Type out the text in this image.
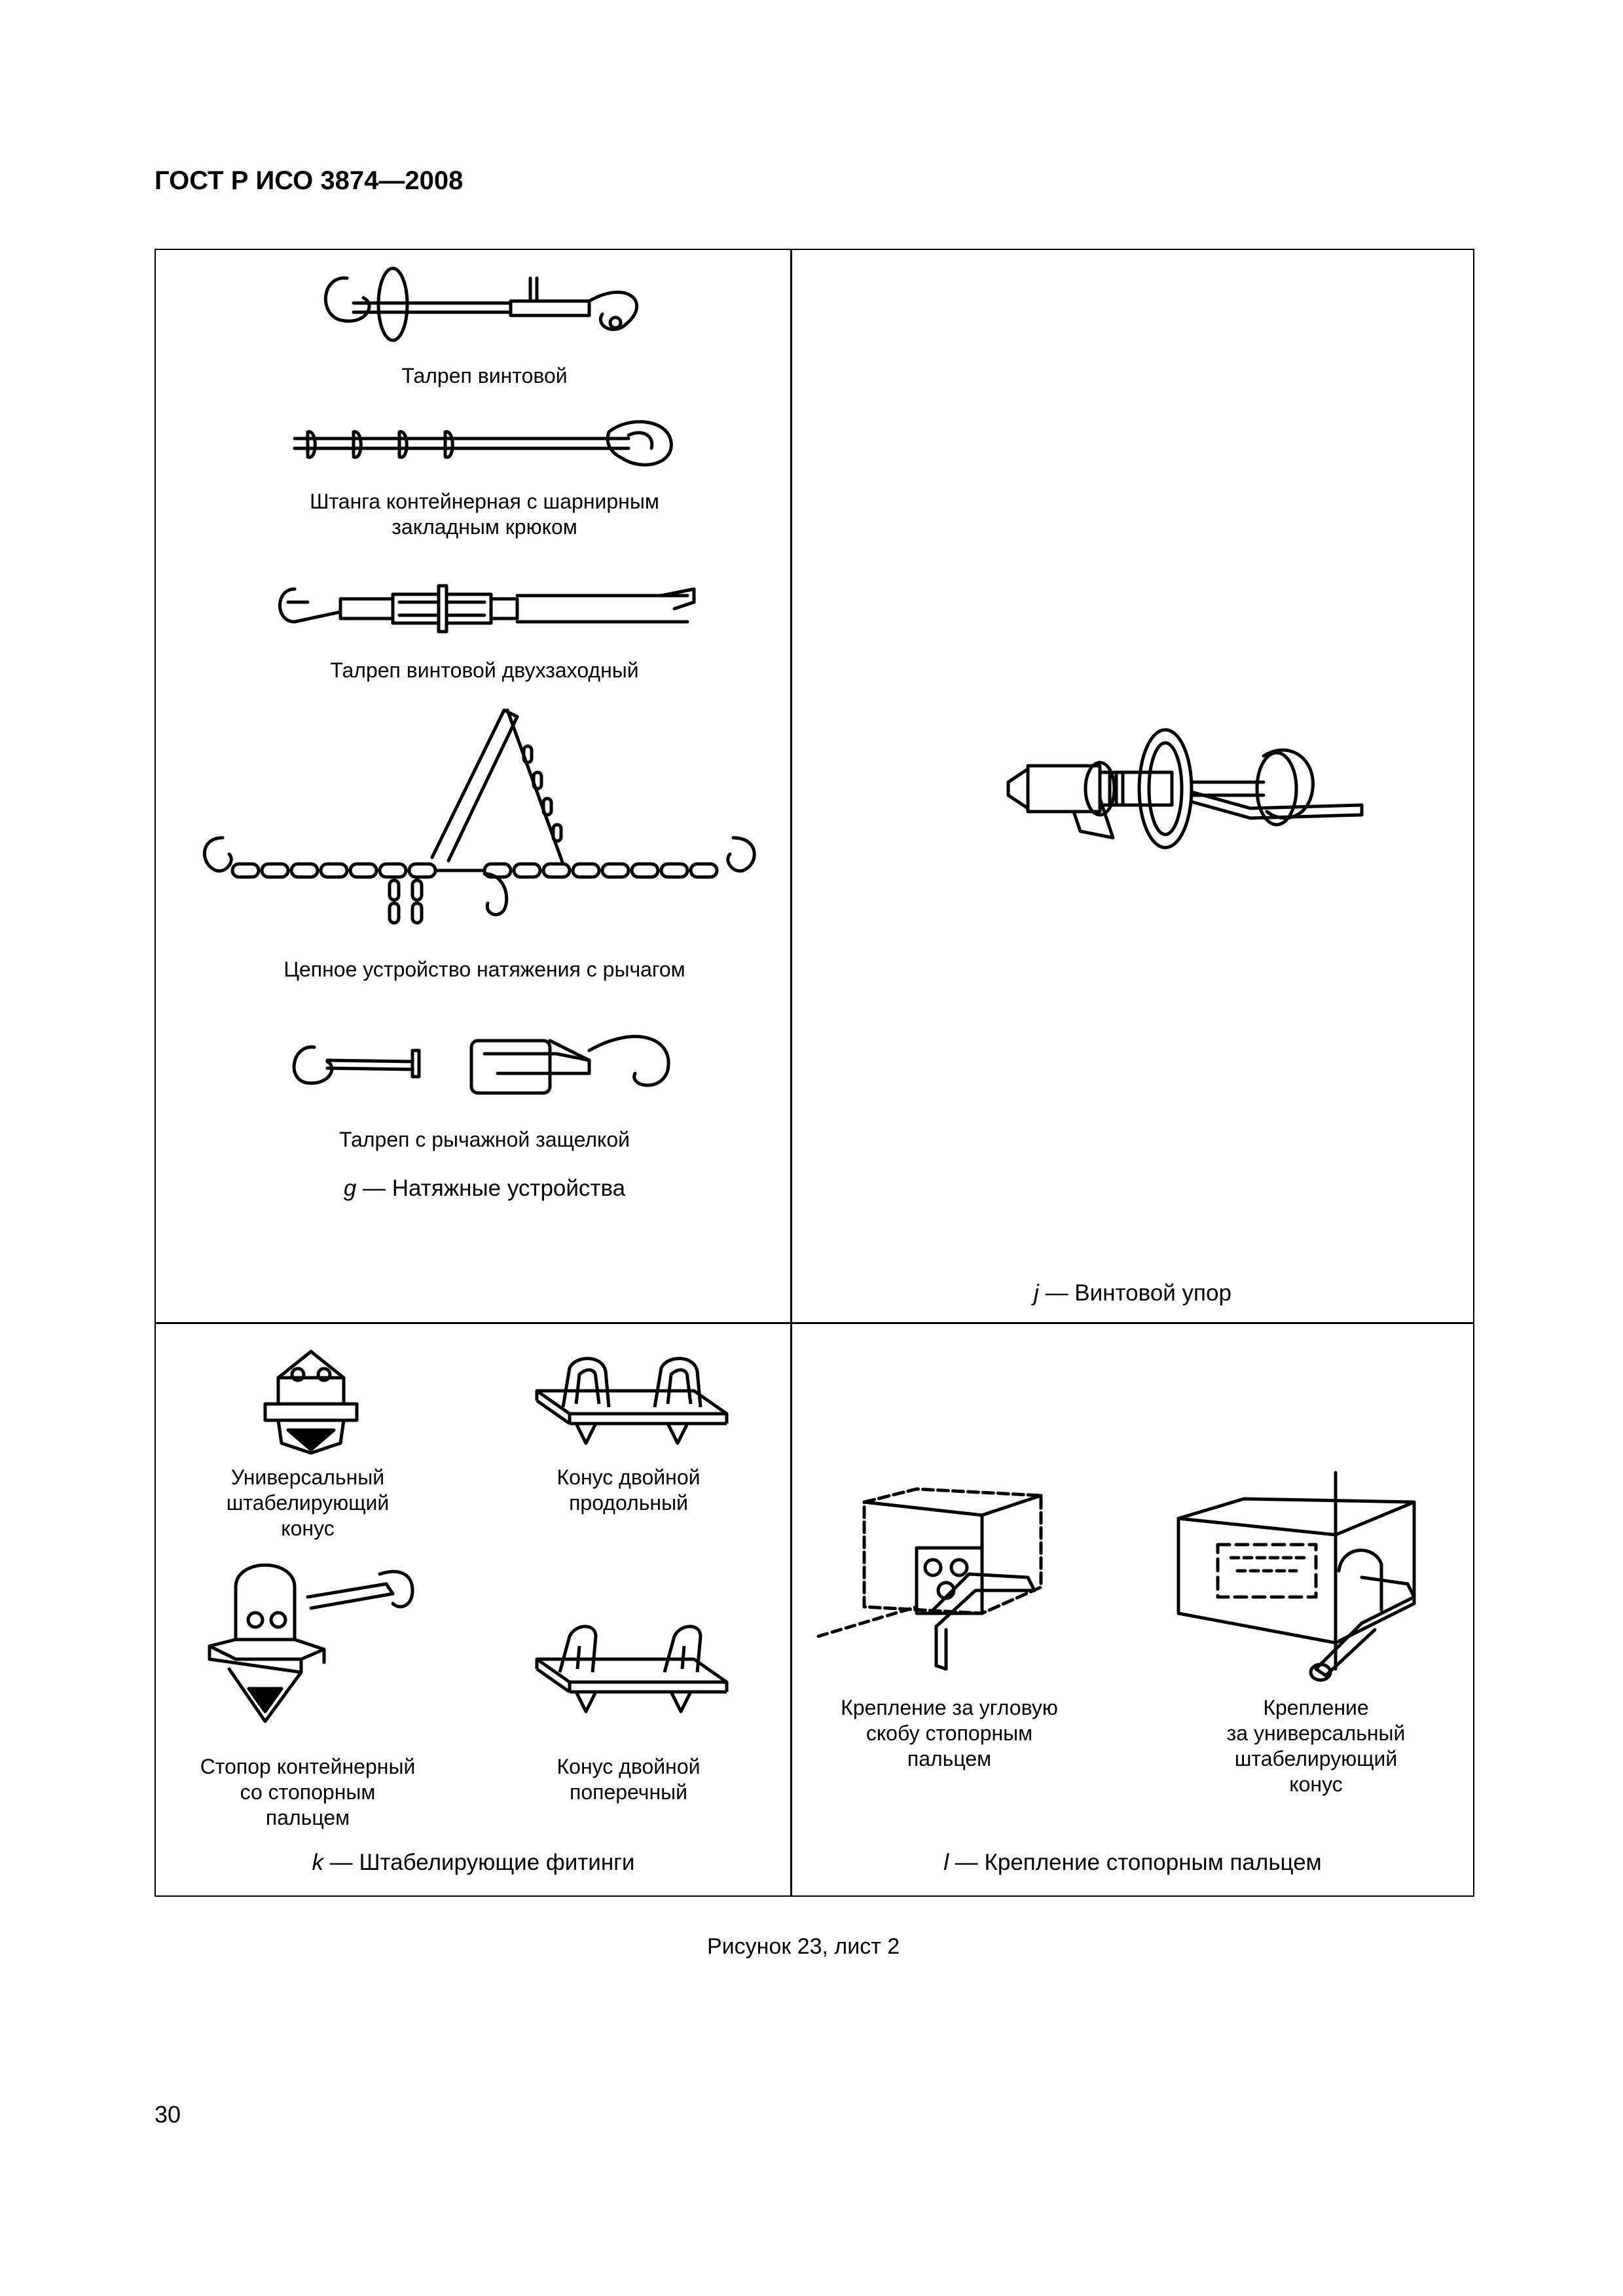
ГОСТ Р ИСО 3874—2008
Талреп винтовой
Штанга контейнерная с шарнирным
закладным крюком
Талреп винтовой двухзаходный
Цепное устройство натяжения с рычагом
Талреп с рычажной защелкой
g — Натяжные устройства
j — Винтовой упор
Универсальный
штабелирующий
конус
Конус двойной
продольный
Стопор контейнерный
со стопорным
пальцем
Конус двойной
поперечный
k — Штабелирующие фитинги
Крепление за угловую
скобу стопорным
пальцем
Крепление
за универсальный
штабелирующий
конус
l — Крепление стопорным пальцем
Рисунок 23, лист 2
30
